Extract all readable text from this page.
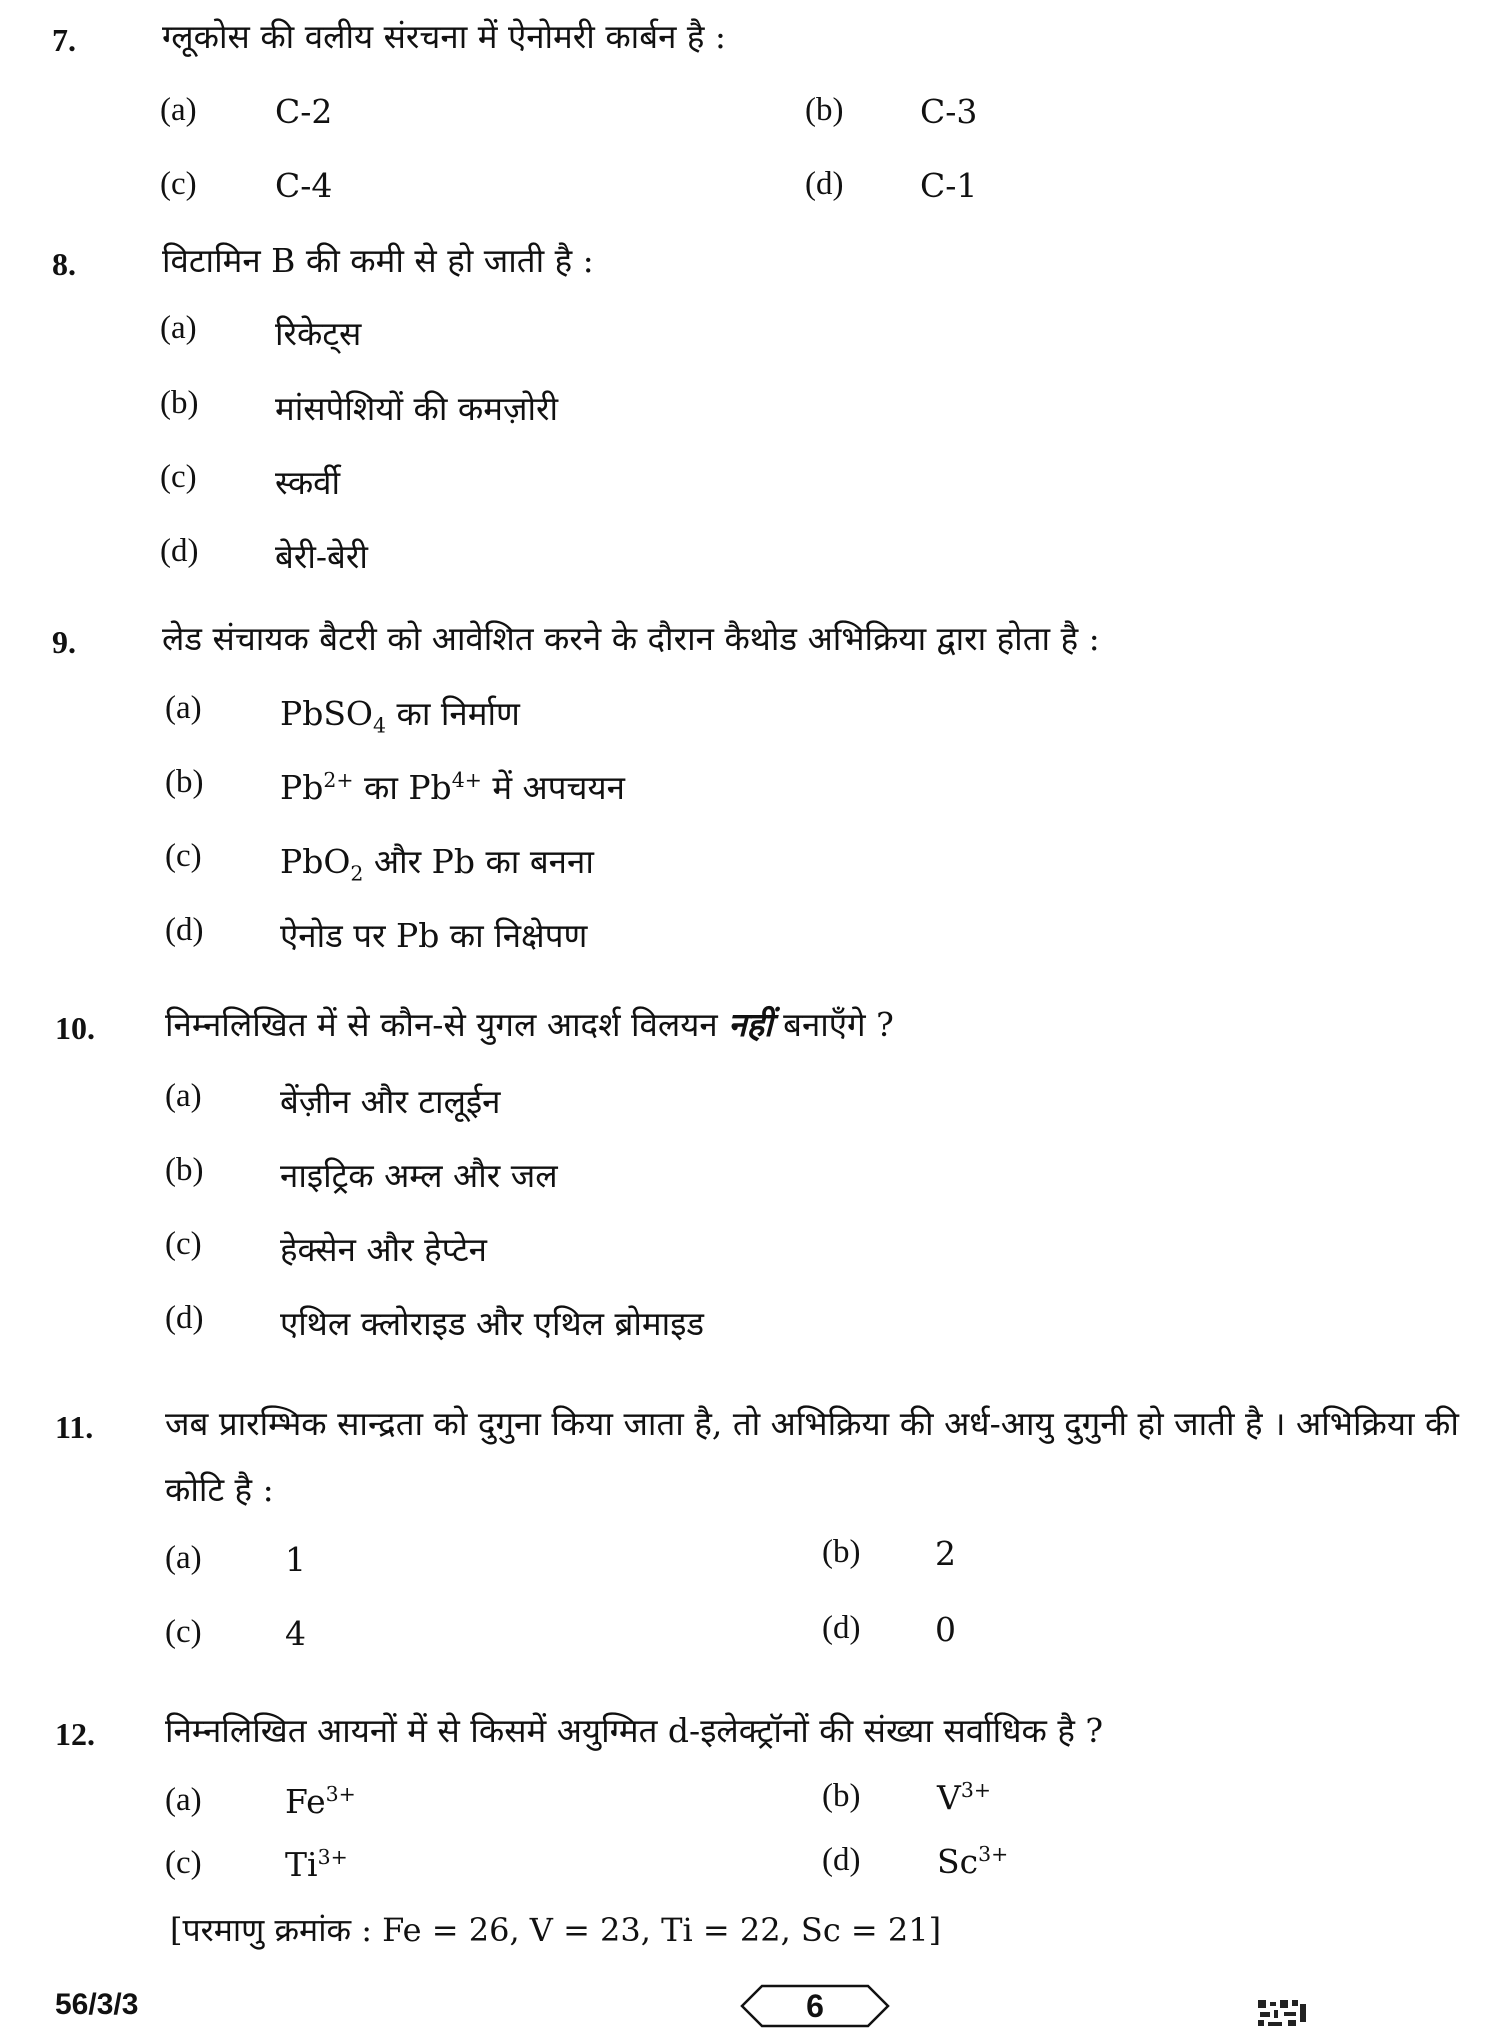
7.	ग्लूकोस की वलीय संरचना में ऐनोमरी कार्बन है :
(a) C-2	(b) C-3
(c) C-4	(d) C-1
8.	विटामिन B की कमी से हो जाती है :
(a) रिकेट्स
(b) मांसपेशियों की कमज़ोरी
(c) स्कर्वी
(d) बेरी-बेरी
9.	लेड संचायक बैटरी को आवेशित करने के दौरान कैथोड अभिक्रिया द्वारा होता है :
(a) PbSO$_4$ का निर्माण
(b) $Pb^{2+}$ का $Pb^{4+}$ में अपचयन
(c) PbO$_2$ और Pb का बनना
(d) ऐनोड पर Pb का निक्षेपण
10. निम्नलिखित में से कौन-से युगल आदर्श विलयन नहीं बनाएँगे ?
(a) बेंज़ीन और टालूईन
(b) नाइट्रिक अम्ल और जल
(c) हेक्सेन और हेप्टेन
(d) एथिल क्लोराइड और एथिल ब्रोमाइड
11. जब प्रारम्भिक सान्द्रता को दुगुना किया जाता है, तो अभिक्रिया की अर्ध-आयु दुगुनी हो जाती है । अभिक्रिया की कोटि है :
(a)	1	(b) 2
(c)	4	(d) 0
12. निम्नलिखित आयनों में से किसमें अयुग्मित d-इलेक्ट्रॉनों की संख्या सर्वाधिक है ?
(a)	$Fe^{3+}$	(b) $V^{3+}$
(c)	$Ti^{3+}$	(d) $Sc^{3+}$
[परमाणु क्रमांक : Fe = 26, V = 23, Ti = 22, Sc = 21]
56/3/3	6
